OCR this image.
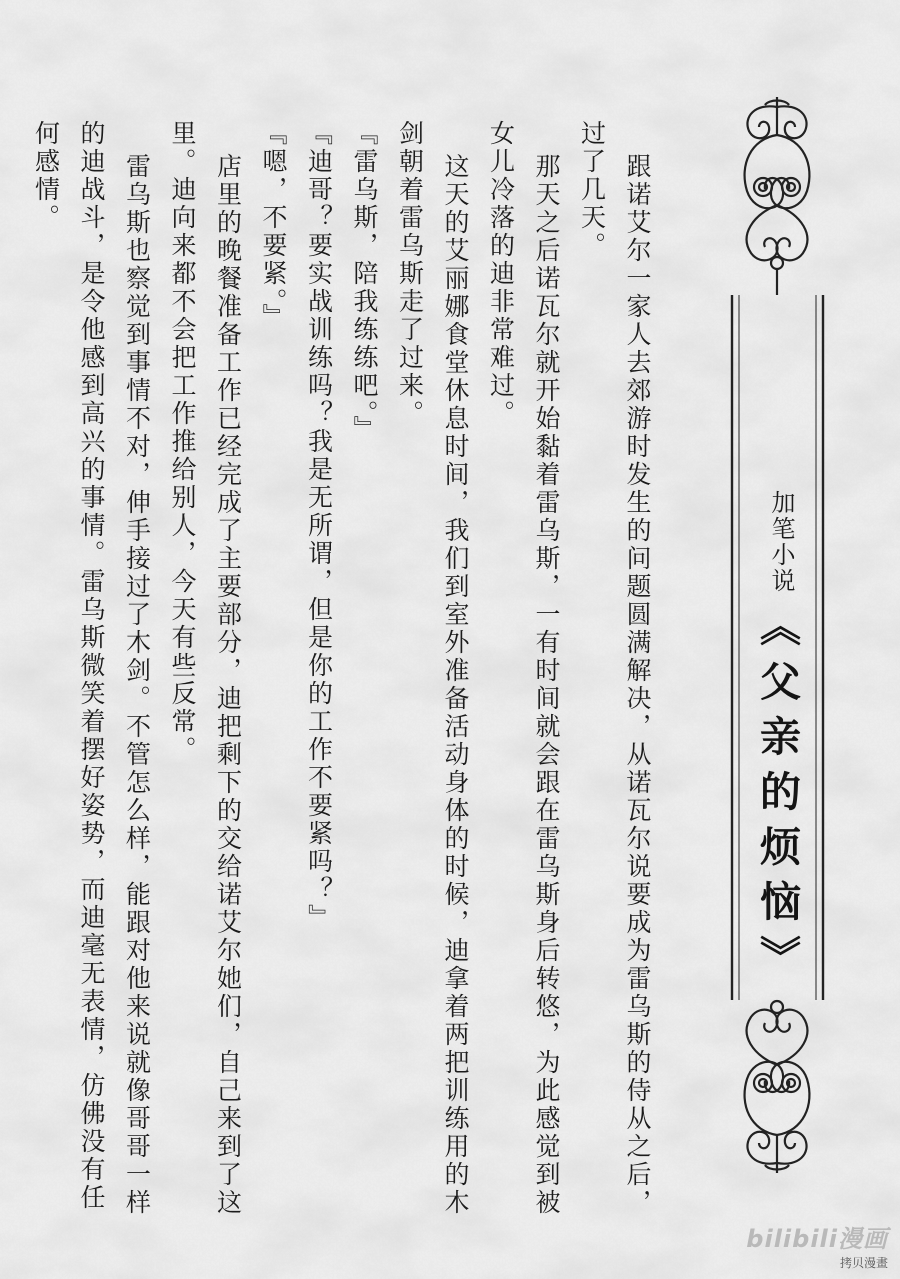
加笔小说
《父亲的烦恼》

跟诺艾尔一家人去郊游时发生的问题圆满解决，从诺瓦尔说要成为雷乌斯的侍从之后，过了几天。

那天之后诺瓦尔就开始黏着雷乌斯，一有时间就会跟在雷乌斯身后转悠，为此感觉到被女儿冷落的迪非常难过。

这天的艾丽娜食堂休息时间，我们到室外准备活动身体的时候，迪拿着两把训练用的木剑朝着雷乌斯走了过来。

『雷乌斯，陪我练练吧。』

『迪哥？要实战训练吗？我是无所谓，但是你的工作不要紧吗？』

『嗯，不要紧。』

店里的晚餐准备工作已经完成了主要部分，迪把剩下的交给诺艾尔她们，自己来到了这里。迪向来都不会把工作推给别人，今天有些反常。

雷乌斯也察觉到事情不对，伸手接过了木剑。不管怎么样，能跟对他来说就像哥哥一样的迪战斗，是令他感到高兴的事情。雷乌斯微笑着摆好姿势，而迪毫无表情，仿佛没有任何感情。

bilibili漫画
拷贝漫畫
